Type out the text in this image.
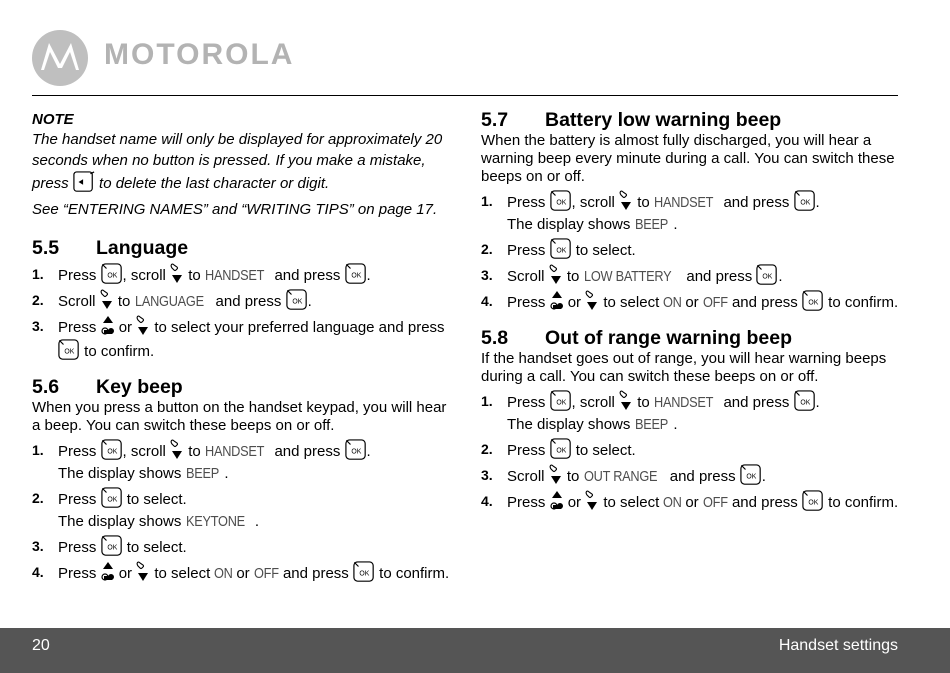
MOTOROLA

NOTE

The handset name will only be displayed for approximately 20 seconds when no button is pressed. If you make a mistake, press to delete the last character or digit.

See “ENTERING NAMES” and “WRITING TIPS” on page 17.

5.5 Language
1. Press , scroll to HANDSET and press .
2. Scroll to LANGUAGE and press .
3. Press or to select your preferred language and press  to confirm.
5.6 Key beep

When you press a button on the handset keypad, you will hear a beep. You can switch these beeps on or off.

1. Press , scroll to HANDSET and press .
The display shows BEEP .
2. Press to select.
The display shows KEYTONE .
3. Press to select.
4. Press or to select ON or OFF and press to confirm.
5.7 Battery low warning beep

When the battery is almost fully discharged, you will hear a warning beep every minute during a call. You can switch these beeps on or off.

1. Press , scroll to HANDSET and press .
The display shows BEEP .
2. Press to select.
3. Scroll to LOW BATTERY and press .
4. Press or to select ON or OFF and press to confirm.
5.8 Out of range warning beep

If the handset goes out of range, you will hear warning beeps during a call. You can switch these beeps on or off.

1. Press , scroll to HANDSET and press .
The display shows BEEP .
2. Press to select.
3. Scroll to OUT RANGE and press .
4. Press or to select ON or OFF and press to confirm.
20	Handset settings
